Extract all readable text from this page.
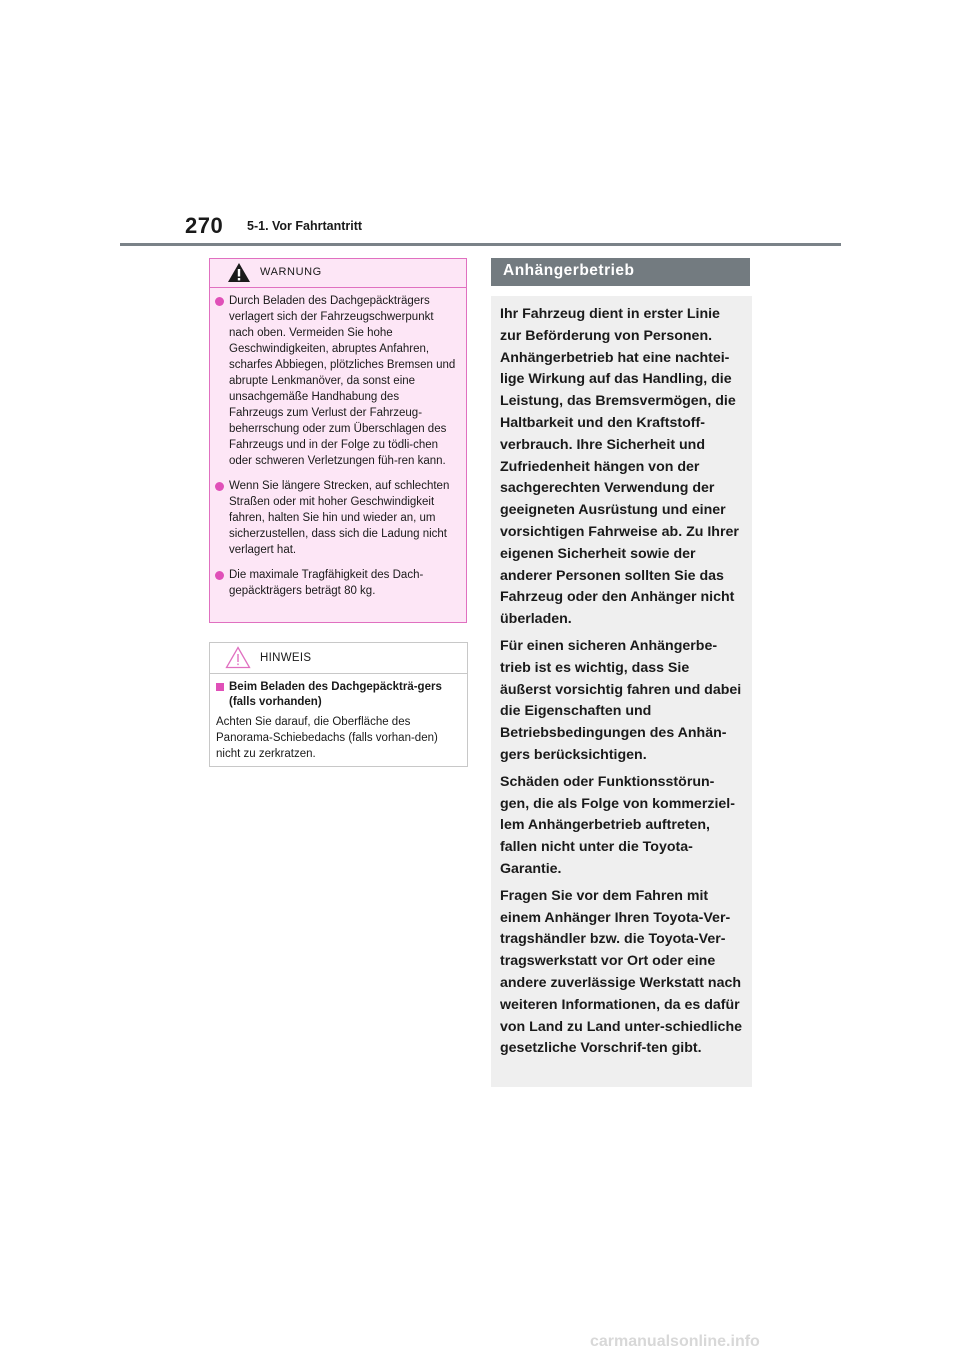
270 5-1. Vor Fahrtantritt
WARNUNG
Durch Beladen des Dachgepäckträgers verlagert sich der Fahrzeugschwerpunkt nach oben. Vermeiden Sie hohe Geschwindigkeiten, abruptes Anfahren, scharfes Abbiegen, plötzliches Bremsen und abrupte Lenkmanöver, da sonst eine unsachgemäße Handhabung des Fahrzeugs zum Verlust der Fahrzeug-beherrschung oder zum Überschlagen des Fahrzeugs und in der Folge zu tödli-chen oder schweren Verletzungen füh-ren kann.
Wenn Sie längere Strecken, auf schlechten Straßen oder mit hoher Geschwindigkeit fahren, halten Sie hin und wieder an, um sicherzustellen, dass sich die Ladung nicht verlagert hat.
Die maximale Tragfähigkeit des Dach-gepäckträgers beträgt 80 kg.
HINWEIS
Beim Beladen des Dachgepäckträ-gers (falls vorhanden)
Achten Sie darauf, die Oberfläche des Panorama-Schiebedachs (falls vorhan-den) nicht zu zerkratzen.
Anhängerbetrieb

Ihr Fahrzeug dient in erster Linie zur Beförderung von Personen. Anhängerbetrieb hat eine nachtei-lige Wirkung auf das Handling, die Leistung, das Bremsvermögen, die Haltbarkeit und den Kraftstoff-verbrauch. Ihre Sicherheit und Zufriedenheit hängen von der sachgerechten Verwendung der geeigneten Ausrüstung und einer vorsichtigen Fahrweise ab. Zu Ihrer eigenen Sicherheit sowie der anderer Personen sollten Sie das Fahrzeug oder den Anhänger nicht überladen.

Für einen sicheren Anhängerbe-trieb ist es wichtig, dass Sie äußerst vorsichtig fahren und dabei die Eigenschaften und Betriebsbedingungen des Anhän-gers berücksichtigen.

Schäden oder Funktionsstörun-gen, die als Folge von kommerziel-lem Anhängerbetrieb auftreten, fallen nicht unter die Toyota-Garantie.

Fragen Sie vor dem Fahren mit einem Anhänger Ihren Toyota-Ver-tragshändler bzw. die Toyota-Ver-tragswerkstatt vor Ort oder eine andere zuverlässige Werkstatt nach weiteren Informationen, da es dafür von Land zu Land unter-schiedliche gesetzliche Vorschrif-ten gibt.

carmanualsonline.info
